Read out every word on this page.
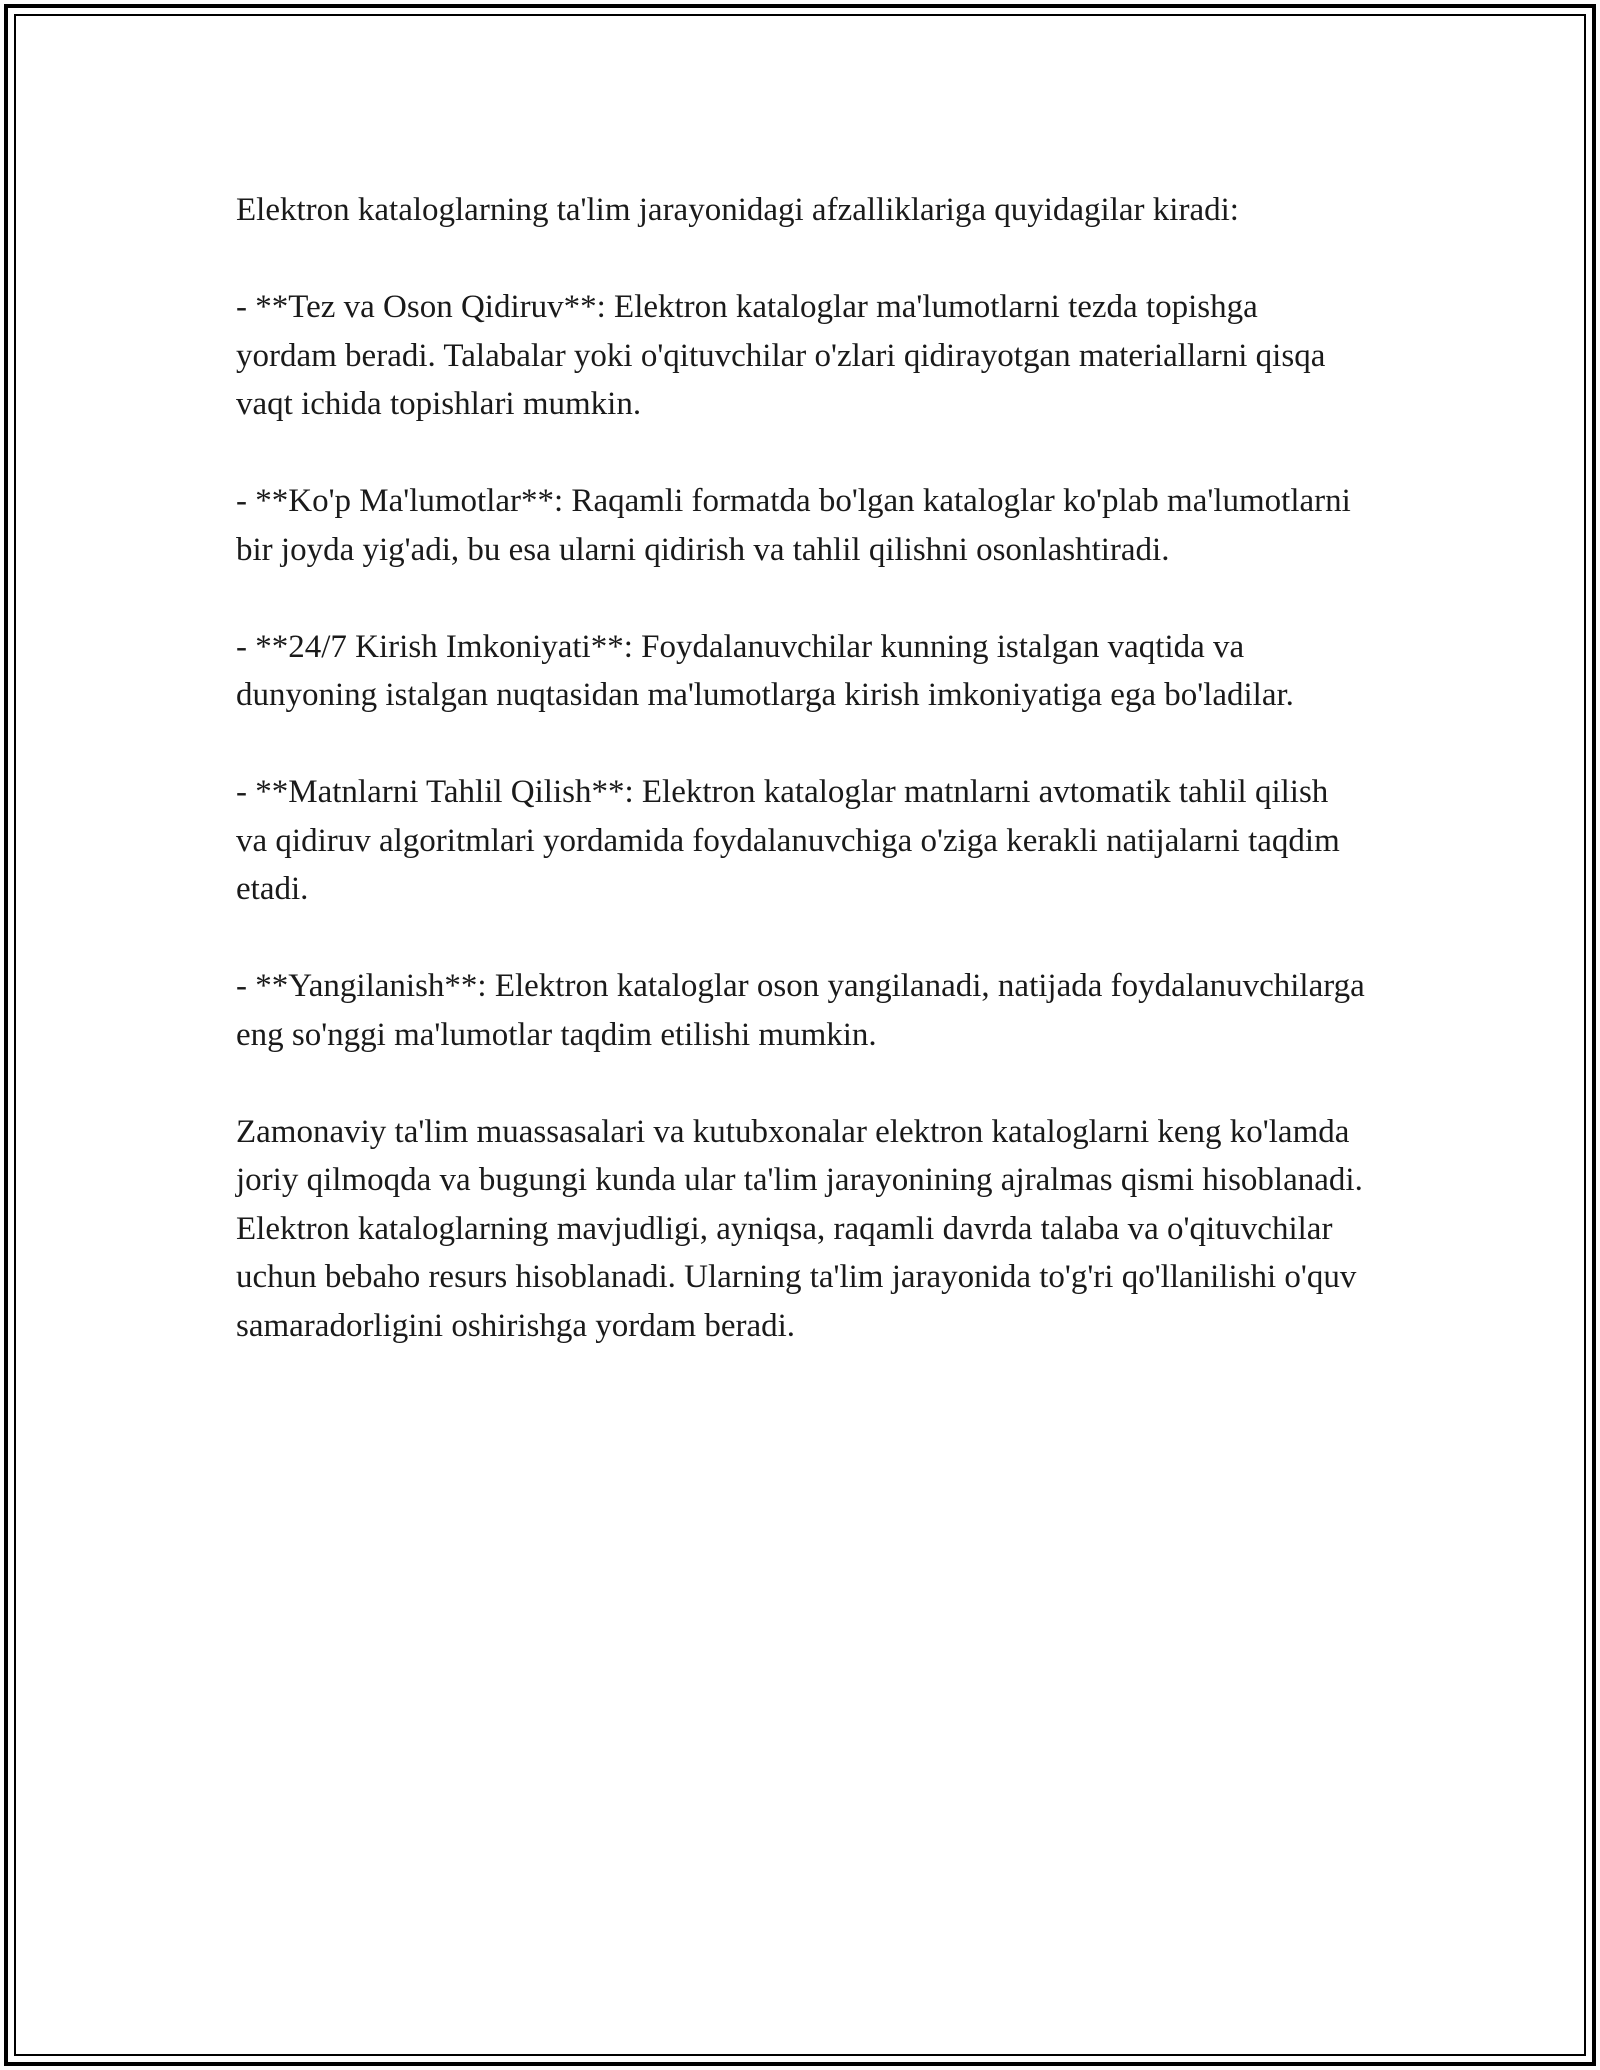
Elektron kataloglarning ta'lim jarayonidagi afzalliklariga quyidagilar kiradi:

- **Tez va Oson Qidiruv**: Elektron kataloglar ma'lumotlarni tezda topishga yordam beradi. Talabalar yoki o'qituvchilar o'zlari qidirayotgan materiallarni qisqa vaqt ichida topishlari mumkin.

- **Ko'p Ma'lumotlar**: Raqamli formatda bo'lgan kataloglar ko'plab ma'lumotlarni bir joyda yig'adi, bu esa ularni qidirish va tahlil qilishni osonlashtiradi.

- **24/7 Kirish Imkoniyati**: Foydalanuvchilar kunning istalgan vaqtida va dunyoning istalgan nuqtasidan ma'lumotlarga kirish imkoniyatiga ega bo'ladilar.

- **Matnlarni Tahlil Qilish**: Elektron kataloglar matnlarni avtomatik tahlil qilish va qidiruv algoritmlari yordamida foydalanuvchiga o'ziga kerakli natijalarni taqdim etadi.

- **Yangilanish**: Elektron kataloglar oson yangilanadi, natijada foydalanuvchilarga eng so'nggi ma'lumotlar taqdim etilishi mumkin.

Zamonaviy ta'lim muassasalari va kutubxonalar elektron kataloglarni keng ko'lamda joriy qilmoqda va bugungi kunda ular ta'lim jarayonining ajralmas qismi hisoblanadi. Elektron kataloglarning mavjudligi, ayniqsa, raqamli davrda talaba va o'qituvchilar uchun bebaho resurs hisoblanadi. Ularning ta'lim jarayonida to'g'ri qo'llanilishi o'quv samaradorligini oshirishga yordam beradi.
